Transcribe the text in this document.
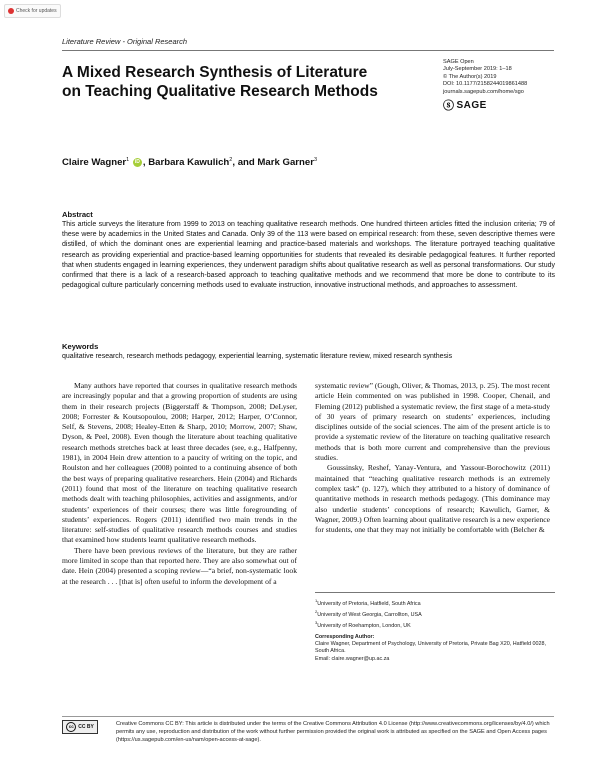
Check for updates
Literature Review - Original Research
A Mixed Research Synthesis of Literature on Teaching Qualitative Research Methods
SAGE Open
July-September 2019: 1–18
© The Author(s) 2019
DOI: 10.1177/2158244019861488
journals.sagepub.com/home/sgo
ⓢ SAGE
Claire Wagner$^1$ iD , Barbara Kawulich$^2$, and Mark Garner$^3$
Abstract
This article surveys the literature from 1999 to 2013 on teaching qualitative research methods. One hundred thirteen articles fitted the inclusion criteria; 79 of these were by academics in the United States and Canada. Only 39 of the 113 were based on empirical research: from these, seven descriptive themes were distilled, of which the dominant ones are experiential learning and practice-based materials and workshops. The literature portrayed teaching qualitative research as providing experiential and practice-based learning opportunities for students that revealed its desirable pedagogical features. It further reported that when students engaged in learning experiences, they underwent paradigm shifts about qualitative research as well as personal transformations. Our study confirmed that there is a lack of a research-based approach to teaching qualitative methods and we recommend that more be done to contribute to its pedagogical culture particularly concerning methods used to evaluate instruction, innovative instructional methods, and approaches to assessment.
Keywords
qualitative research, research methods pedagogy, experiential learning, systematic literature review, mixed research synthesis

Many authors have reported that courses in qualitative research methods are increasingly popular and that a growing proportion of students are using them in their research projects (Biggerstaff & Thompson, 2008; DeLyser, 2008; Forrester & Koutsopoulou, 2008; Harper, 2012; Harper, O’Connor, Self, & Stevens, 2008; Healey-Etten & Sharp, 2010; Morrow, 2007; Shaw, Dyson, & Peel, 2008). Even though the literature about teaching qualitative research methods stretches back at least three decades (see, e.g., Halfpenny, 1981), in 2004 Hein drew attention to a paucity of writing on the topic, and Roulston and her colleagues (2008) pointed to a continuing absence of both the best ways of preparing qualitative researchers. Hein (2004) and Richards (2011) found that most of the literature on teaching qualitative research methods dealt with teaching philosophies, activities and assignments, and/or students’ experiences of their courses; there was little foregrounding of students’ experiences. Rogers (2011) identified two main trends in the literature: self-studies of qualitative research methods courses and studies that examined how students learnt qualitative research methods.

There have been previous reviews of the literature, but they are rather more limited in scope than that reported here. They are also somewhat out of date. Hein (2004) presented a scoping review—“a brief, non-systematic look at the research . . . [that is] often useful to inform the development of a

systematic review” (Gough, Oliver, & Thomas, 2013, p. 25). The most recent article Hein commented on was published in 1998. Cooper, Chenail, and Fleming (2012) published a systematic review, the first stage of a meta-study of 30 years of primary research on students’ experiences, including disciplines outside of the social sciences. The aim of the present article is to provide a systematic review of the literature on teaching qualitative research methods that is both more current and comprehensive than the previous studies.

Goussinsky, Reshef, Yanay-Ventura, and Yassour-Borochowitz (2011) maintained that “teaching qualitative research methods is an extremely complex task” (p. 127), which they attributed to a history of dominance of quantitative methods in research methods pedagogy. (This dominance may also underlie students’ conceptions of research; Kawulich, Garner, & Wagner, 2009.) Often learning about qualitative research is a new experience for students, one that they may not initially be comfortable with (Belcher &

$^1$University of Pretoria, Hatfield, South Africa
$^2$University of West Georgia, Carrollton, USA
$^3$University of Roehampton, London, UK
Corresponding Author:
Claire Wagner, Department of Psychology, University of Pretoria, Private Bag X20, Hatfield 0028, South Africa.
Email: claire.wagner@up.ac.za
Creative Commons CC BY: This article is distributed under the terms of the Creative Commons Attribution 4.0 License (http://www.creativecommons.org/licenses/by/4.0/) which permits any use, reproduction and distribution of the work without further permission provided the original work is attributed as specified on the SAGE and Open Access pages (https://us.sagepub.com/en-us/nam/open-access-at-sage).
cc CC BY
